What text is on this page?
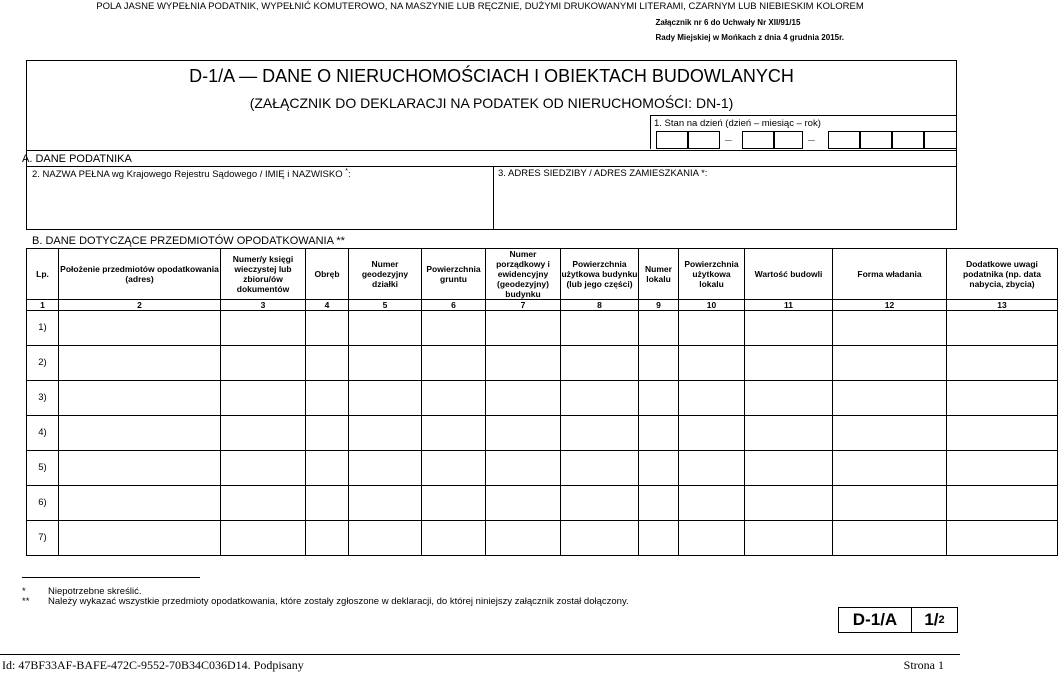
POLA JASNE WYPEŁNIA PODATNIK, WYPEŁNIĆ KOMUTEROWO, NA MASZYNIE LUB RĘCZNIE, DUŻYMI DRUKOWANYMI LITERAMI, CZARNYM LUB NIEBIESKIM KOLOREM
Załącznik nr 6 do Uchwały Nr XII/91/15
Rady Miejskiej w Mońkach z dnia 4 grudnia 2015r.
D-1/A — DANE O NIERUCHOMOŚCIACH I OBIEKTACH BUDOWLANYCH
(ZAŁĄCZNIK DO DEKLARACJI NA PODATEK OD NIERUCHOMOŚCI: DN-1)
1. Stan na dzień (dzień – miesiąc – rok)
_	_
A. DANE PODATNIKA
2. NAZWA PEŁNA wg Krajowego Rejestru Sądowego / IMIĘ i NAZWISKO *:	3. ADRES SIEDZIBY / ADRES ZAMIESZKANIA *:
B. DANE DOTYCZĄCE PRZEDMIOTÓW OPODATKOWANIA **
Lp.	Położenie przedmiotów opodatkowania (adres)	Numer/y księgi wieczystej lub zbioru/ów dokumentów	Obręb	Numer geodezyjny działki	Powierzchnia gruntu	Numer porządkowy i ewidencyjny (geodezyjny) budynku	Powierzchnia użytkowa budynku (lub jego części)	Numer lokalu	Powierzchnia użytkowa lokalu	Wartość budowli	Forma władania	Dodatkowe uwagi podatnika (np. data nabycia, zbycia)
1	2	3	4	5	6	7	8	9	10	11	12	13
1)												
2)												
3)												
4)												
5)												
6)												
7)												
* Niepotrzebne skreślić.
** Należy wykazać wszystkie przedmioty opodatkowania, które zostały zgłoszone w deklaracji, do której niniejszy załącznik został dołączony.
D-1/A	1 / 2
Id: 47BF33AF-BAFE-472C-9552-70B34C036D14. Podpisany	Strona 1
